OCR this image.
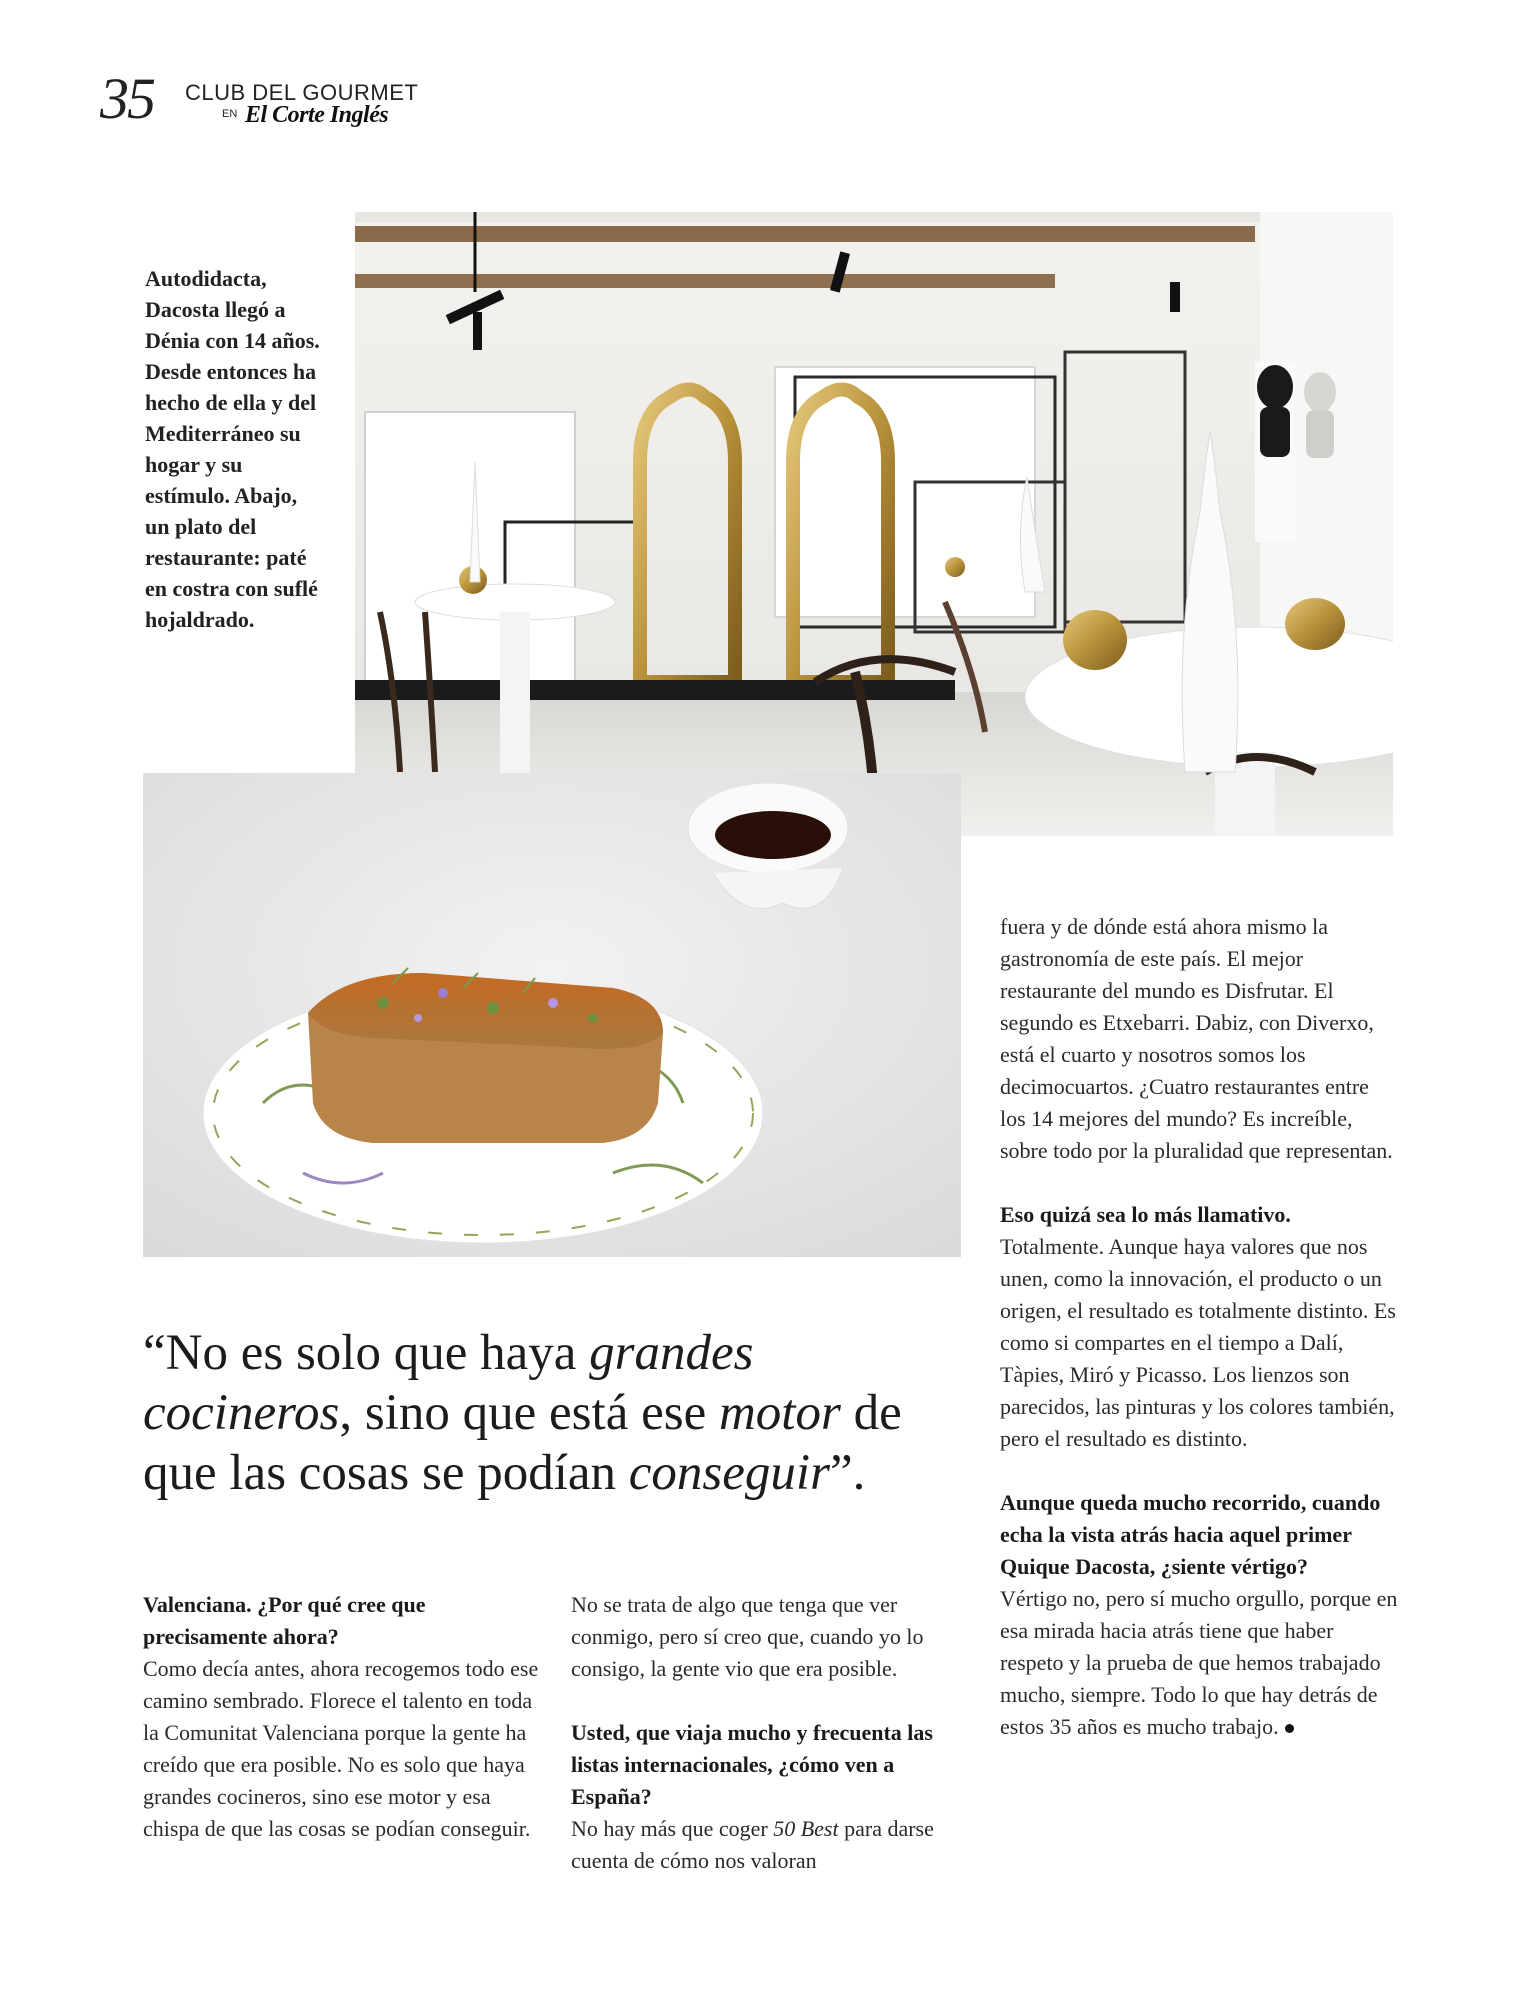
35 CLUB DEL GOURMET
EN El Corte Inglés
Autodidacta, Dacosta llegó a Dénia con 14 años. Desde entonces ha hecho de ella y del Mediterráneo su hogar y su estímulo. Abajo, un plato del restaurante: paté en costra con suflé hojaldrado.
“No es solo que haya grandes cocineros, sino que está ese motor de que las cosas se podían conseguir”.

Valenciana. ¿Por qué cree que precisamente ahora?

Como decía antes, ahora recogemos todo ese camino sembrado. Florece el talento en toda la Comunitat Valenciana porque la gente ha creído que era posible. No es solo que haya grandes cocineros, sino ese motor y esa chispa de que las cosas se podían conseguir.

No se trata de algo que tenga que ver conmigo, pero sí creo que, cuando yo lo consigo, la gente vio que era posible.

Usted, que viaja mucho y frecuenta las listas internacionales, ¿cómo ven a España?

No hay más que coger 50 Best para darse cuenta de cómo nos valoran

fuera y de dónde está ahora mismo la gastronomía de este país. El mejor restaurante del mundo es Disfrutar. El segundo es Etxebarri. Dabiz, con Diverxo, está el cuarto y nosotros somos los decimocuartos. ¿Cuatro restaurantes entre los 14 mejores del mundo? Es increíble, sobre todo por la pluralidad que representan.

Eso quizá sea lo más llamativo.

Totalmente. Aunque haya valores que nos unen, como la innovación, el producto o un origen, el resultado es totalmente distinto. Es como si compartes en el tiempo a Dalí, Tàpies, Miró y Picasso. Los lienzos son parecidos, las pinturas y los colores también, pero el resultado es distinto.

Aunque queda mucho recorrido, cuando echa la vista atrás hacia aquel primer Quique Dacosta, ¿siente vértigo?

Vértigo no, pero sí mucho orgullo, porque en esa mirada hacia atrás tiene que haber respeto y la prueba de que hemos trabajado mucho, siempre. Todo lo que hay detrás de estos 35 años es mucho trabajo.
